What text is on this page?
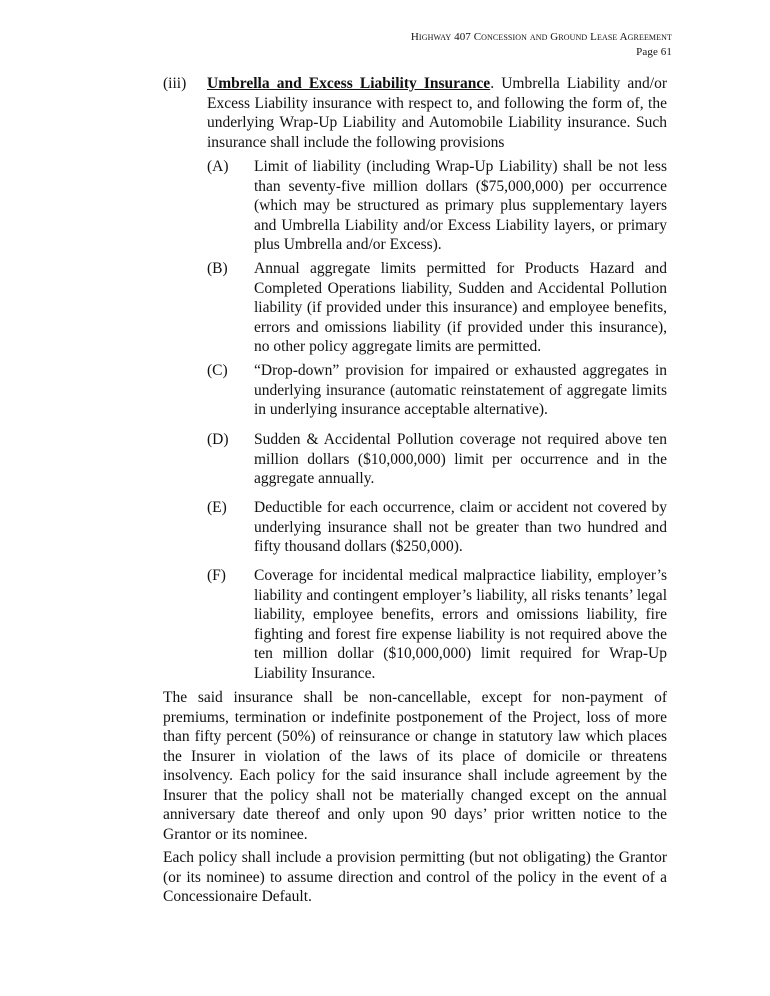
Highway 407 Concession and Ground Lease Agreement
Page 61
(iii) Umbrella and Excess Liability Insurance. Umbrella Liability and/or Excess Liability insurance with respect to, and following the form of, the underlying Wrap-Up Liability and Automobile Liability insurance. Such insurance shall include the following provisions
(A) Limit of liability (including Wrap-Up Liability) shall be not less than seventy-five million dollars ($75,000,000) per occurrence (which may be structured as primary plus supplementary layers and Umbrella Liability and/or Excess Liability layers, or primary plus Umbrella and/or Excess).
(B) Annual aggregate limits permitted for Products Hazard and Completed Operations liability, Sudden and Accidental Pollution liability (if provided under this insurance) and employee benefits, errors and omissions liability (if provided under this insurance), no other policy aggregate limits are permitted.
(C) “Drop-down” provision for impaired or exhausted aggregates in underlying insurance (automatic reinstatement of aggregate limits in underlying insurance acceptable alternative).
(D) Sudden & Accidental Pollution coverage not required above ten million dollars ($10,000,000) limit per occurrence and in the aggregate annually.
(E) Deductible for each occurrence, claim or accident not covered by underlying insurance shall not be greater than two hundred and fifty thousand dollars ($250,000).
(F) Coverage for incidental medical malpractice liability, employer’s liability and contingent employer’s liability, all risks tenants’ legal liability, employee benefits, errors and omissions liability, fire fighting and forest fire expense liability is not required above the ten million dollar ($10,000,000) limit required for Wrap-Up Liability Insurance.
The said insurance shall be non-cancellable, except for non-payment of premiums, termination or indefinite postponement of the Project, loss of more than fifty percent (50%) of reinsurance or change in statutory law which places the Insurer in violation of the laws of its place of domicile or threatens insolvency. Each policy for the said insurance shall include agreement by the Insurer that the policy shall not be materially changed except on the annual anniversary date thereof and only upon 90 days’ prior written notice to the Grantor or its nominee.
Each policy shall include a provision permitting (but not obligating) the Grantor (or its nominee) to assume direction and control of the policy in the event of a Concessionaire Default.
